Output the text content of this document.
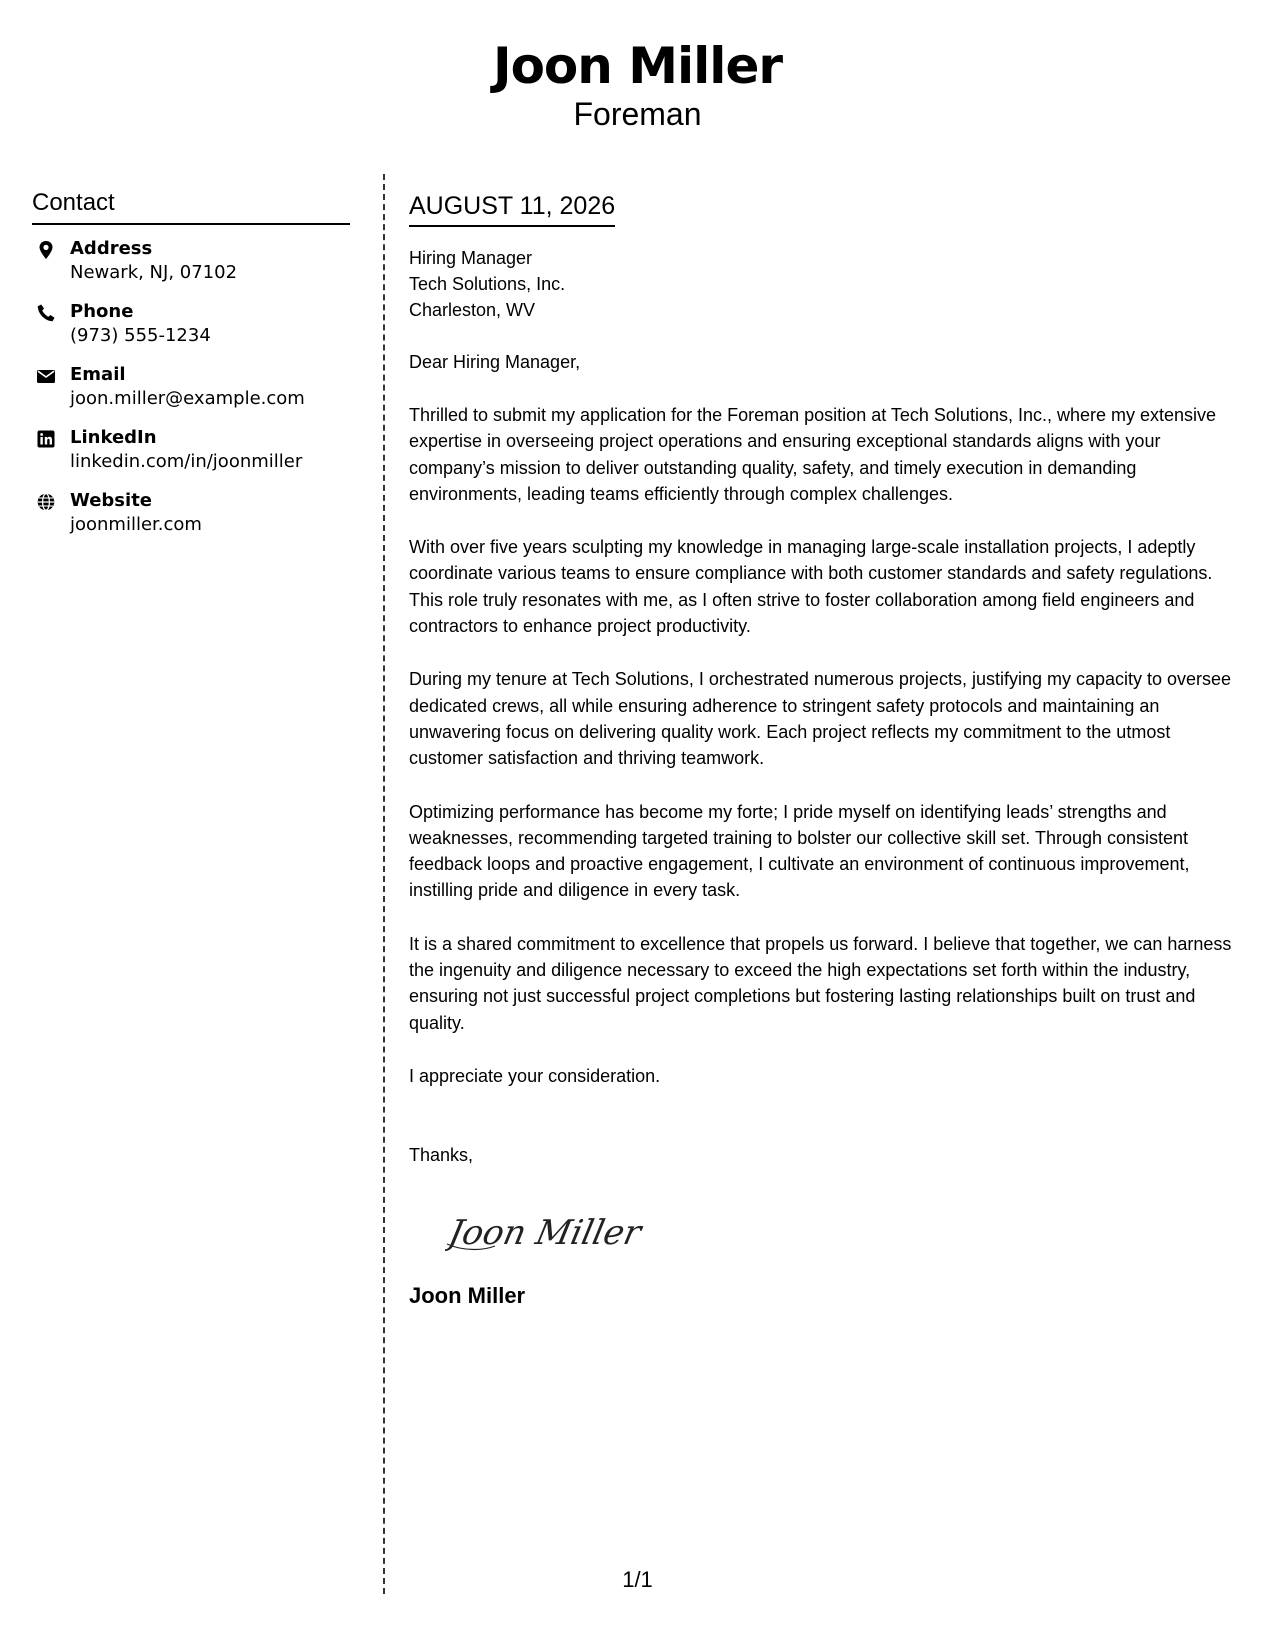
Joon Miller
Foreman
Contact
Address
Newark, NJ, 07102
Phone
(973) 555-1234
Email
joon.miller@example.com
LinkedIn
linkedin.com/in/joonmiller
Website
joonmiller.com
AUGUST 11, 2026
Hiring Manager
Tech Solutions, Inc.
Charleston, WV
Dear Hiring Manager,

Thrilled to submit my application for the Foreman position at Tech Solutions, Inc., where my extensive expertise in overseeing project operations and ensuring exceptional standards aligns with your company’s mission to deliver outstanding quality, safety, and timely execution in demanding environments, leading teams efficiently through complex challenges.

With over five years sculpting my knowledge in managing large-scale installation projects, I adeptly coordinate various teams to ensure compliance with both customer standards and safety regulations. This role truly resonates with me, as I often strive to foster collaboration among field engineers and contractors to enhance project productivity.

During my tenure at Tech Solutions, I orchestrated numerous projects, justifying my capacity to oversee dedicated crews, all while ensuring adherence to stringent safety protocols and maintaining an unwavering focus on delivering quality work. Each project reflects my commitment to the utmost customer satisfaction and thriving teamwork.

Optimizing performance has become my forte; I pride myself on identifying leads’ strengths and weaknesses, recommending targeted training to bolster our collective skill set. Through consistent feedback loops and proactive engagement, I cultivate an environment of continuous improvement, instilling pride and diligence in every task.

It is a shared commitment to excellence that propels us forward. I believe that together, we can harness the ingenuity and diligence necessary to exceed the high expectations set forth within the industry, ensuring not just successful project completions but fostering lasting relationships built on trust and quality.

I appreciate your consideration.

Thanks,
Joon Miller
Joon Miller
1/1
